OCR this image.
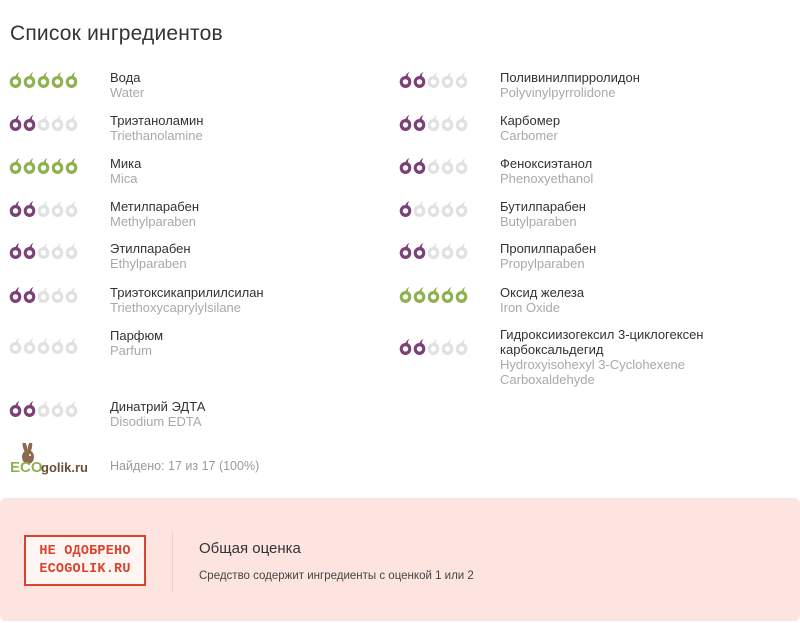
Список ингредиентов
Вода
Water
Триэтаноламин
Triethanolamine
Мика
Mica
Метилпарабен
Methylparaben
Этилпарабен
Ethylparaben
Триэтоксикаприлилсилан
Triethoxycaprylylsilane
Парфюм
Parfum
Динатрий ЭДТА
Disodium EDTA
Поливинилпирролидон
Polyvinylpyrrolidone
Карбомер
Carbomer
Феноксиэтанол
Phenoxyethanol
Бутилпарабен
Butylparaben
Пропилпарабен
Propylparaben
Оксид железа
Iron Oxide
Гидроксиизогексил 3-циклогексен карбоксальдегид
Hydroxyisohexyl 3-Cyclohexene Carboxaldehyde
ECO
golik.ru Найдено: 17 из 17 (100%)
НЕ ОДОБРЕНО
ECOGOLIK.RU
Общая оценка
Средство содержит ингредиенты с оценкой 1 или 2
